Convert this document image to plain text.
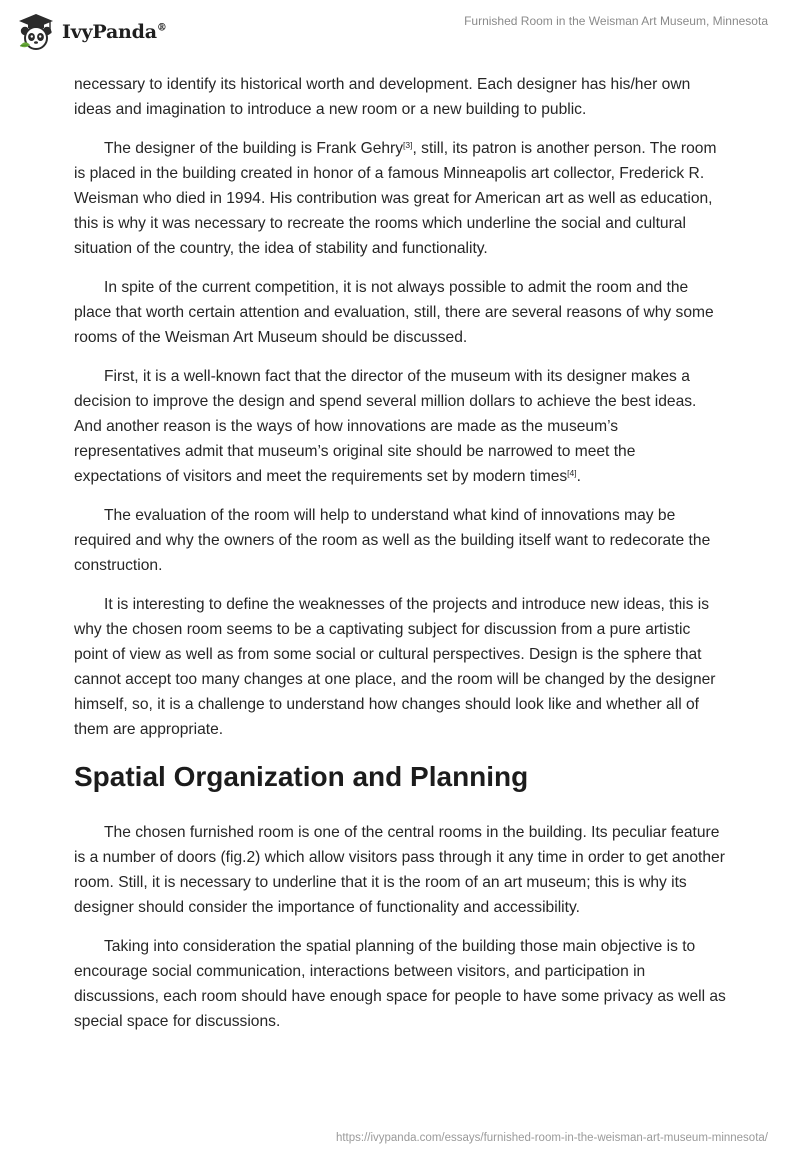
IvyPanda®
Furnished Room in the Weisman Art Museum, Minnesota

necessary to identify its historical worth and development. Each designer has his/her own ideas and imagination to introduce a new room or a new building to public.

The designer of the building is Frank Gehry[3], still, its patron is another person. The room is placed in the building created in honor of a famous Minneapolis art collector, Frederick R. Weisman who died in 1994. His contribution was great for American art as well as education, this is why it was necessary to recreate the rooms which underline the social and cultural situation of the country, the idea of stability and functionality.

In spite of the current competition, it is not always possible to admit the room and the place that worth certain attention and evaluation, still, there are several reasons of why some rooms of the Weisman Art Museum should be discussed.

First, it is a well-known fact that the director of the museum with its designer makes a decision to improve the design and spend several million dollars to achieve the best ideas. And another reason is the ways of how innovations are made as the museum’s representatives admit that museum’s original site should be narrowed to meet the expectations of visitors and meet the requirements set by modern times[4].

The evaluation of the room will help to understand what kind of innovations may be required and why the owners of the room as well as the building itself want to redecorate the construction.

It is interesting to define the weaknesses of the projects and introduce new ideas, this is why the chosen room seems to be a captivating subject for discussion from a pure artistic point of view as well as from some social or cultural perspectives. Design is the sphere that cannot accept too many changes at one place, and the room will be changed by the designer himself, so, it is a challenge to understand how changes should look like and whether all of them are appropriate.

Spatial Organization and Planning

The chosen furnished room is one of the central rooms in the building. Its peculiar feature is a number of doors (fig.2) which allow visitors pass through it any time in order to get another room. Still, it is necessary to underline that it is the room of an art museum; this is why its designer should consider the importance of functionality and accessibility.

Taking into consideration the spatial planning of the building those main objective is to encourage social communication, interactions between visitors, and participation in discussions, each room should have enough space for people to have some privacy as well as special space for discussions.

https://ivypanda.com/essays/furnished-room-in-the-weisman-art-museum-minnesota/
